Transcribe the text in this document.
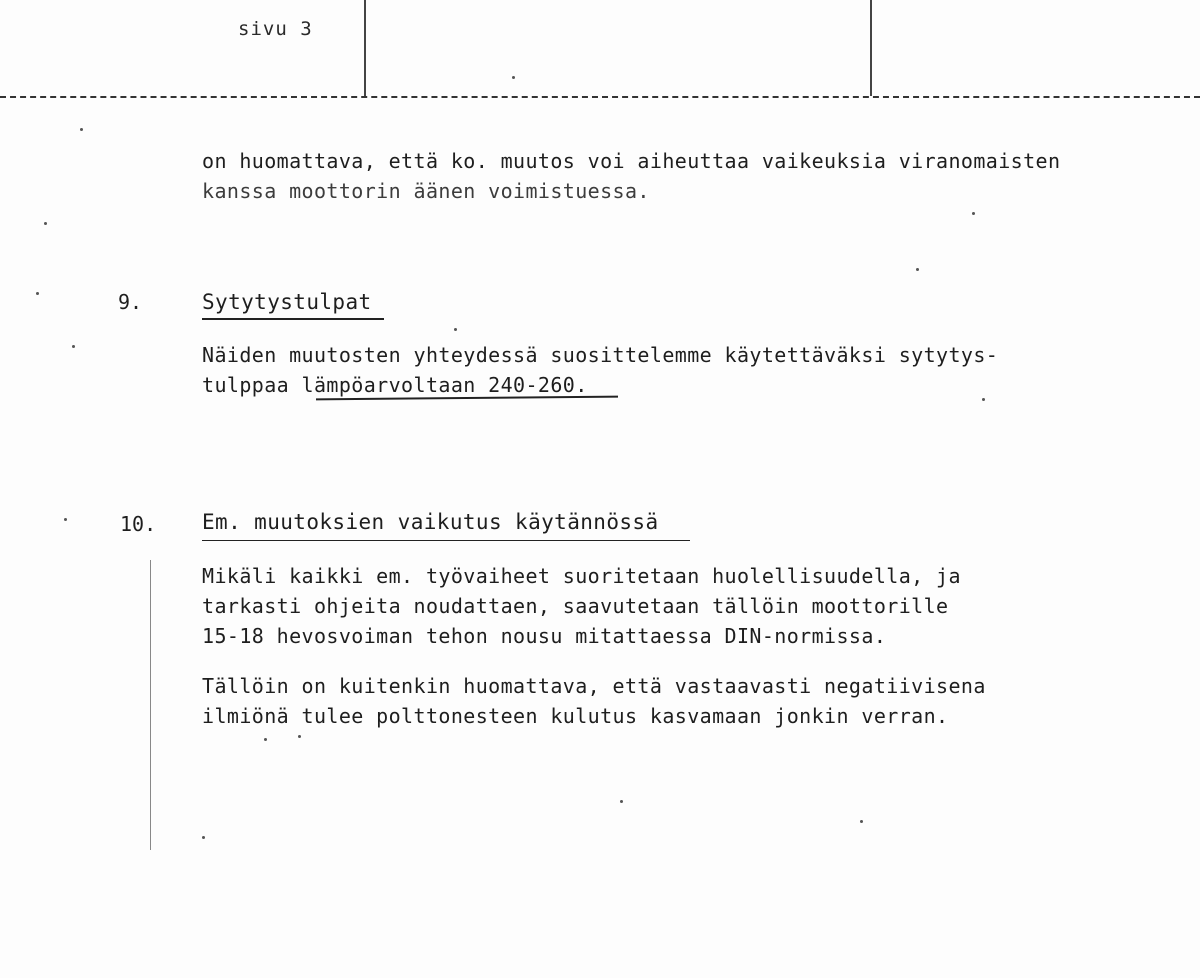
sivu 3
on huomattava, että ko. muutos voi aiheuttaa vaikeuksia viranomaisten
kanssa moottorin äänen voimistuessa.
9.	Sytytystulpat
Näiden muutosten yhteydessä suosittelemme käytettäväksi sytytys-
tulppaa lämpöarvoltaan 240-260.
10. Em. muutoksien vaikutus käytännössä
Mikäli kaikki em. työvaiheet suoritetaan huolellisuudella, ja
tarkasti ohjeita noudattaen, saavutetaan tällöin moottorille
15-18 hevosvoiman tehon nousu mitattaessa DIN-normissa.
Tällöin on kuitenkin huomattava, että vastaavasti negatiivisena
ilmiönä tulee polttonesteen kulutus kasvamaan jonkin verran.
